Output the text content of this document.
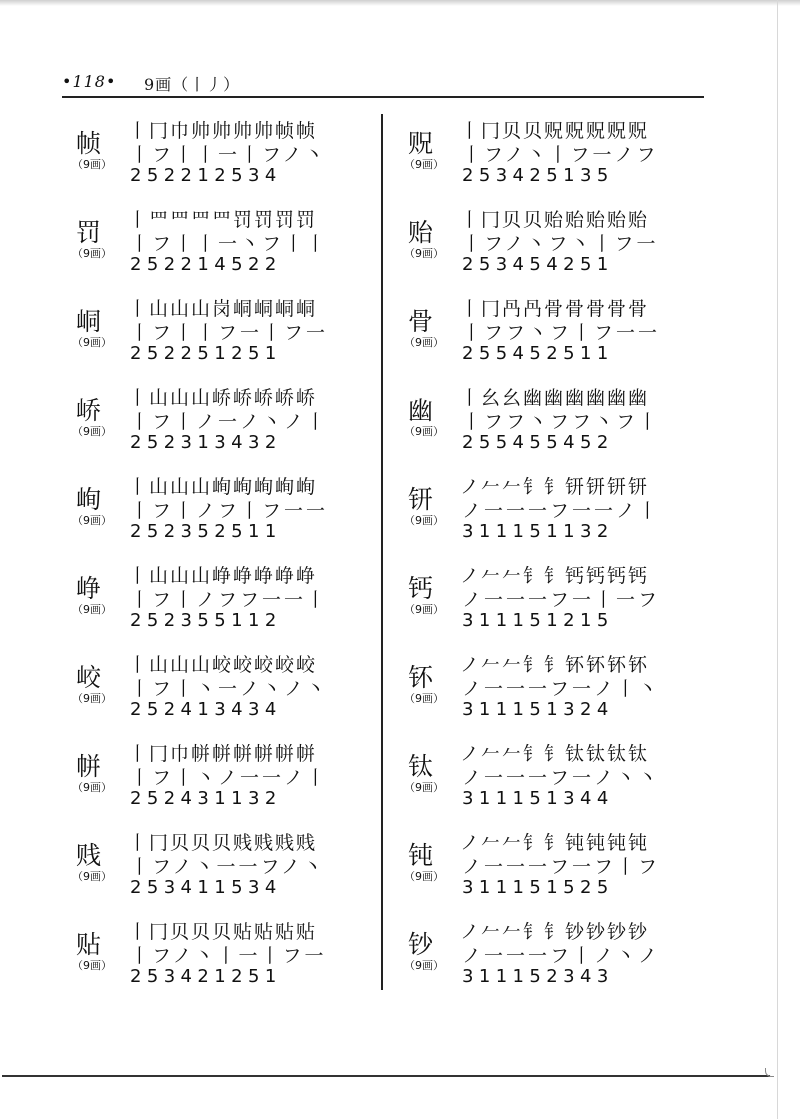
•118• 9画（丨丿）
帧
（9画）
丨冂巾帅帅帅帅帧帧
丨フ丨丨一丨フノ丶
252212534
罚
（9画）
丨罒罒罒罒罚罚罚罚
丨フ丨丨一丶フ丨丨
252214522
峒
（9画）
丨山山山岗峒峒峒峒
丨フ丨丨フ一丨フ一
252251251
峤
（9画）
丨山山山峤峤峤峤峤
丨フ丨ノ一ノ丶ノ丨
252313432
峋
（9画）
丨山山山峋峋峋峋峋
丨フ丨ノフ丨フ一一
252352511
峥
（9画）
丨山山山峥峥峥峥峥
丨フ丨ノフフ一一丨
252355112
峧
（9画）
丨山山山峧峧峧峧峧
丨フ丨丶一ノ丶ノ丶
252413434
帡
（9画）
丨冂巾帡帡帡帡帡帡
丨フ丨丶ノ一一ノ丨
252431132
贱
（9画）
丨冂贝贝贝贱贱贱贱
丨フノ丶一一フノ丶
253411534
贴
（9画）
丨冂贝贝贝贴贴贴贴
丨フノ丶丨一丨フ一
253421251
贶
（9画）
丨冂贝贝贶贶贶贶贶
丨フノ丶丨フ一ノフ
253425135
贻
（9画）
丨冂贝贝贻贻贻贻贻
丨フノ丶フ丶丨フ一
253454251
骨
（9画）
丨冂冎冎骨骨骨骨骨
丨フフ丶フ丨フ一一
255452511
幽
（9画）
丨幺幺幽幽幽幽幽幽
丨フフ丶フフ丶フ丨
255455452
钘
（9画）
ノ𠂉𠂉钅钅钘钘钘钘
ノ一一一フ一一ノ丨
311151132
钙
（9画）
ノ𠂉𠂉钅钅钙钙钙钙
ノ一一一フ一丨一フ
311151215
钚
（9画）
ノ𠂉𠂉钅钅钚钚钚钚
ノ一一一フ一ノ丨丶
311151324
钛
（9画）
ノ𠂉𠂉钅钅钛钛钛钛
ノ一一一フ一ノ丶丶
311151344
钝
（9画）
ノ𠂉𠂉钅钅钝钝钝钝
ノ一一一フ一フ丨フ
311151525
钞
（9画）
ノ𠂉𠂉钅钅钞钞钞钞
ノ一一一フ丨ノ丶ノ
311152343
